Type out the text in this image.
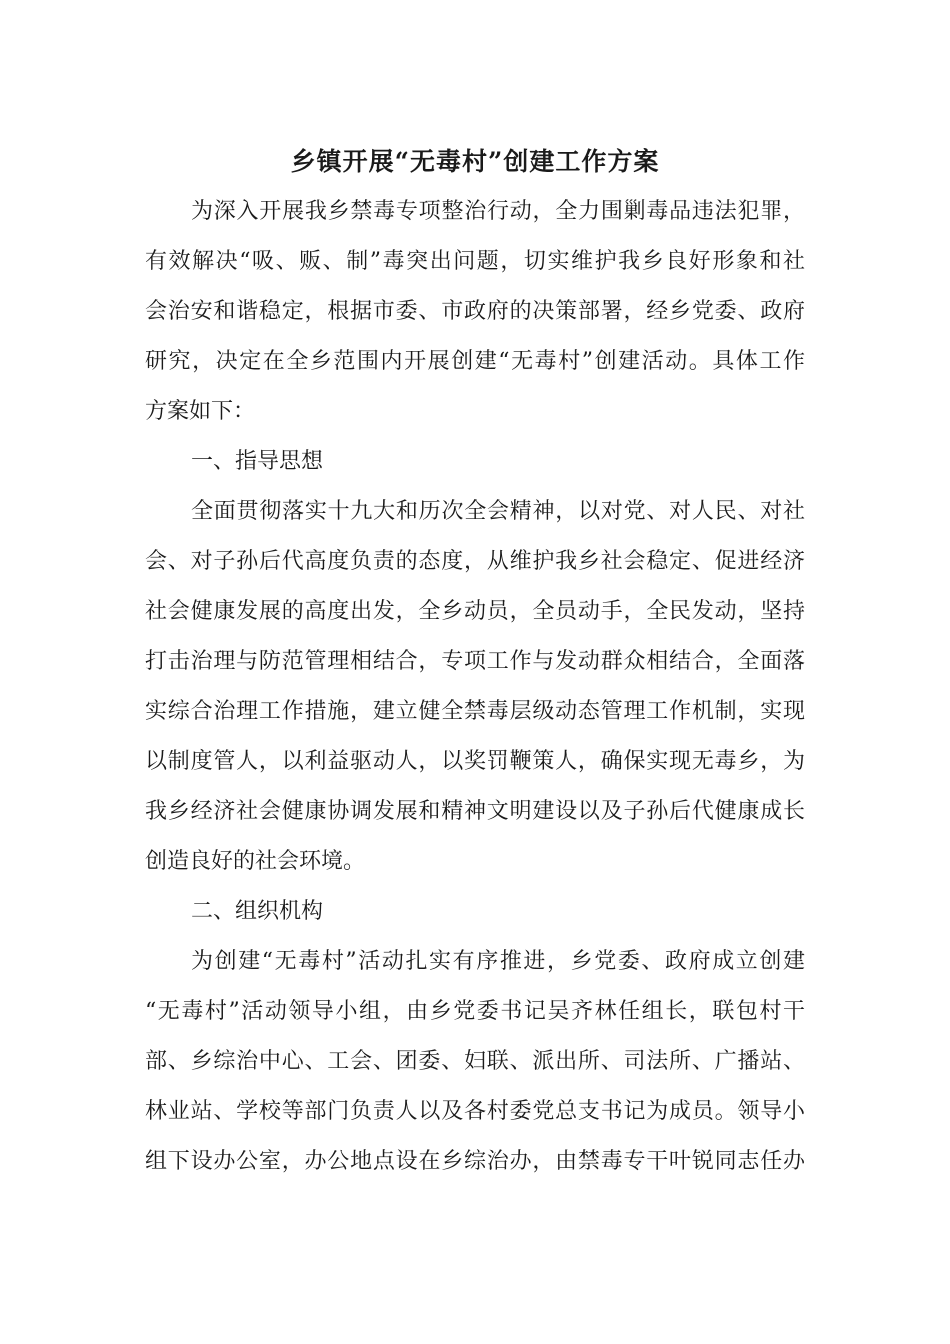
乡镇开展“无毒村”创建工作方案

为深入开展我乡禁毒专项整治行动，全力围剿毒品违法犯罪，

有效解决“吸、贩、制”毒突出问题，切实维护我乡良好形象和社

会治安和谐稳定，根据市委、市政府的决策部署，经乡党委、政府

研究，决定在全乡范围内开展创建“无毒村”创建活动。具体工作

方案如下：

一、指导思想

全面贯彻落实十九大和历次全会精神，以对党、对人民、对社

会、对子孙后代高度负责的态度，从维护我乡社会稳定、促进经济

社会健康发展的高度出发，全乡动员，全员动手，全民发动，坚持

打击治理与防范管理相结合，专项工作与发动群众相结合，全面落

实综合治理工作措施，建立健全禁毒层级动态管理工作机制，实现

以制度管人，以利益驱动人，以奖罚鞭策人，确保实现无毒乡，为

我乡经济社会健康协调发展和精神文明建设以及子孙后代健康成长

创造良好的社会环境。

二、组织机构

为创建“无毒村”活动扎实有序推进，乡党委、政府成立创建

“无毒村”活动领导小组，由乡党委书记吴齐林任组长，联包村干

部、乡综治中心、工会、团委、妇联、派出所、司法所、广播站、

林业站、学校等部门负责人以及各村委党总支书记为成员。领导小

组下设办公室，办公地点设在乡综治办，由禁毒专干叶锐同志任办
